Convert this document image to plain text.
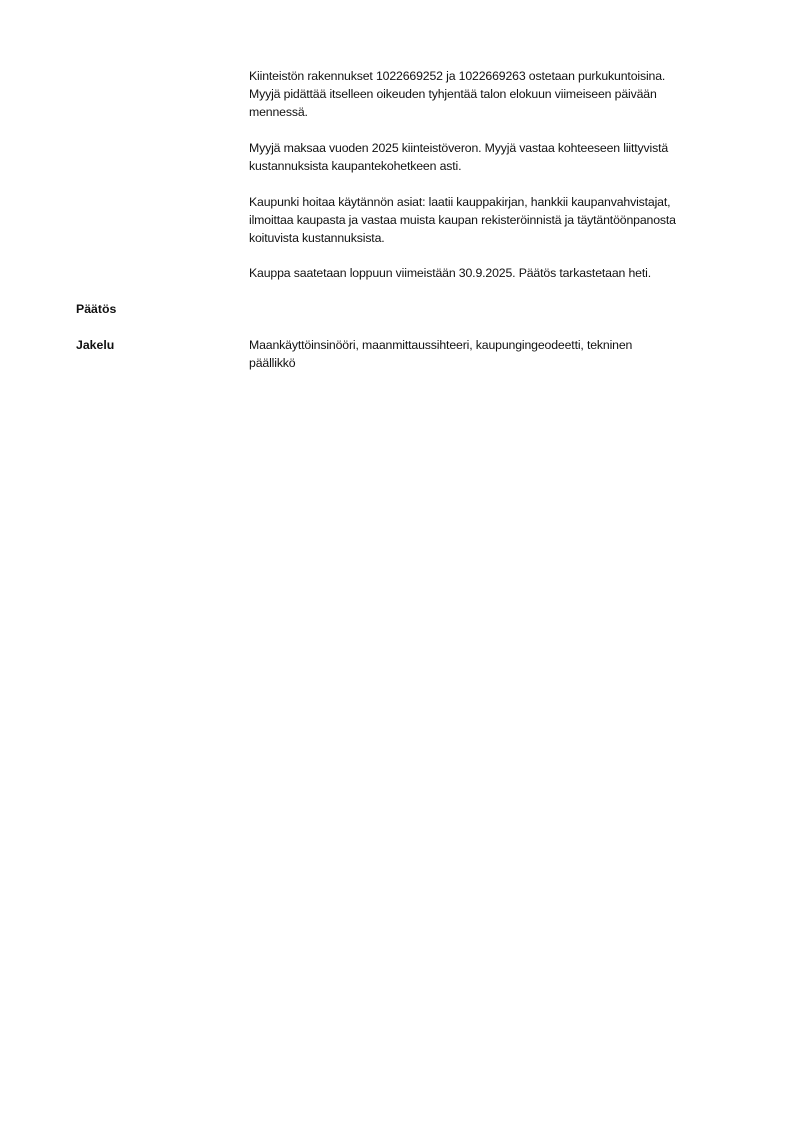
Kiinteistön rakennukset 1022669252 ja 1022669263 ostetaan purkukuntoisina.
Myyjä pidättää itselleen oikeuden tyhjentää talon elokuun viimeiseen päivään
mennessä.
Myyjä maksaa vuoden 2025 kiinteistöveron. Myyjä vastaa kohteeseen liittyvistä
kustannuksista kaupantekohetkeen asti.
Kaupunki hoitaa käytännön asiat: laatii kauppakirjan, hankkii kaupanvahvistajat,
ilmoittaa kaupasta ja vastaa muista kaupan rekisteröinnistä ja täytäntöönpanosta
koituvista kustannuksista.
Kauppa saatetaan loppuun viimeistään 30.9.2025. Päätös tarkastetaan heti.
Päätös
Jakelu	Maankäyttöinsinööri, maanmittaussihteeri, kaupungingeodeetti, tekninen
päällikkö
